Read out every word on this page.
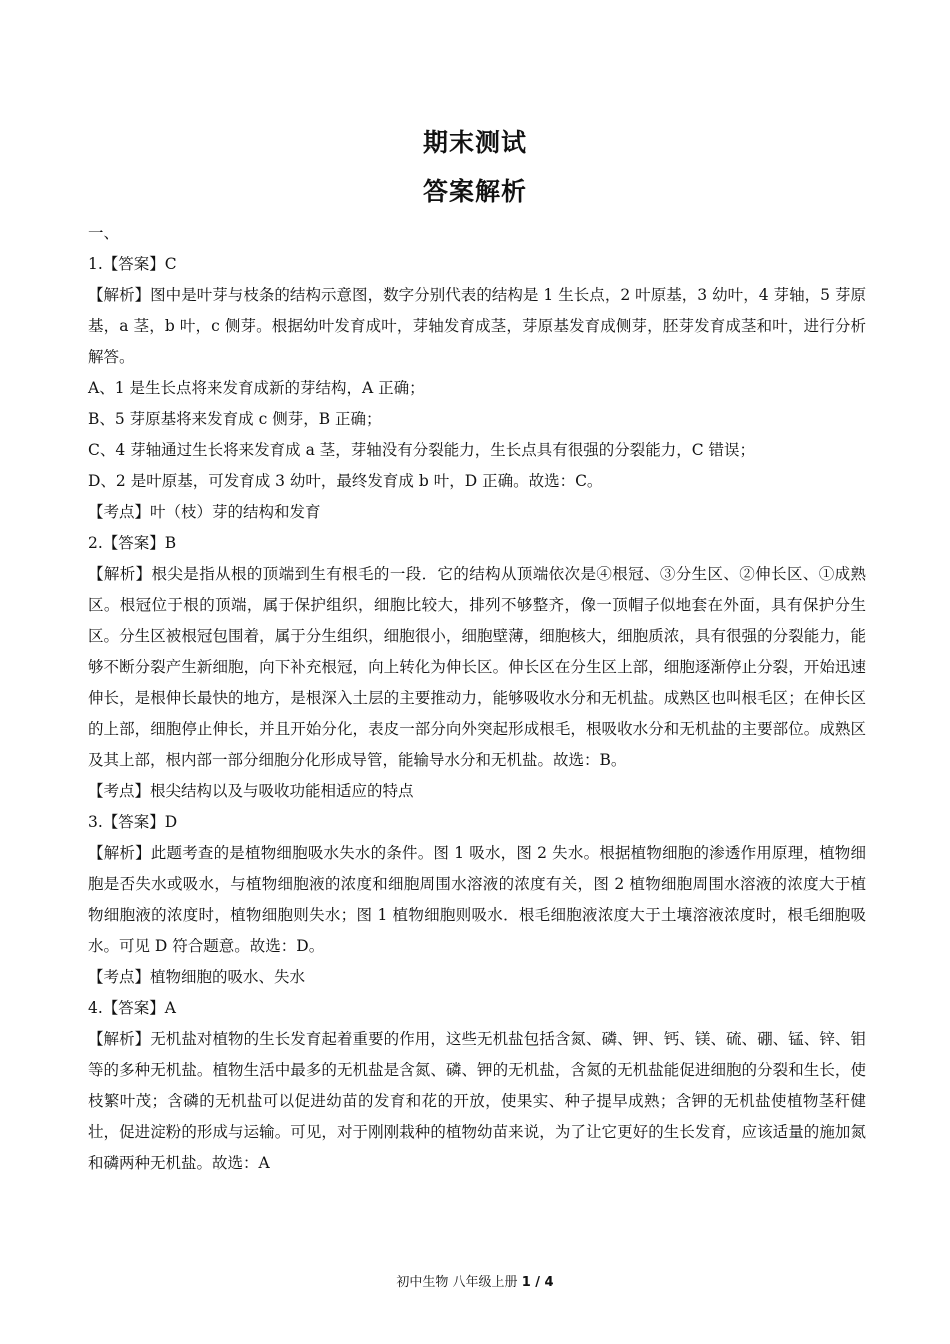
期末测试
答案解析
一、
1.【答案】C
【解析】图中是叶芽与枝条的结构示意图，数字分别代表的结构是 1 生长点，2 叶原基，3 幼叶，4 芽轴，5 芽原基，a 茎，b 叶，c 侧芽。根据幼叶发育成叶，芽轴发育成茎，芽原基发育成侧芽，胚芽发育成茎和叶，进行分析解答。
A、1 是生长点将来发育成新的芽结构，A 正确；
B、5 芽原基将来发育成 c 侧芽，B 正确；
C、4 芽轴通过生长将来发育成 a 茎，芽轴没有分裂能力，生长点具有很强的分裂能力，C 错误；
D、2 是叶原基，可发育成 3 幼叶，最终发育成 b 叶，D 正确。故选：C。
【考点】叶（枝）芽的结构和发育
2.【答案】B
【解析】根尖是指从根的顶端到生有根毛的一段．它的结构从顶端依次是④根冠、③分生区、②伸长区、①成熟区。根冠位于根的顶端，属于保护组织，细胞比较大，排列不够整齐，像一顶帽子似地套在外面，具有保护分生区。分生区被根冠包围着，属于分生组织，细胞很小，细胞壁薄，细胞核大，细胞质浓，具有很强的分裂能力，能够不断分裂产生新细胞，向下补充根冠，向上转化为伸长区。伸长区在分生区上部，细胞逐渐停止分裂，开始迅速伸长，是根伸长最快的地方，是根深入土层的主要推动力，能够吸收水分和无机盐。成熟区也叫根毛区；在伸长区的上部，细胞停止伸长，并且开始分化，表皮一部分向外突起形成根毛，根吸收水分和无机盐的主要部位。成熟区及其上部，根内部一部分细胞分化形成导管，能输导水分和无机盐。故选：B。
【考点】根尖结构以及与吸收功能相适应的特点
3.【答案】D
【解析】此题考查的是植物细胞吸水失水的条件。图 1 吸水，图 2 失水。根据植物细胞的渗透作用原理，植物细胞是否失水或吸水，与植物细胞液的浓度和细胞周围水溶液的浓度有关，图 2 植物细胞周围水溶液的浓度大于植物细胞液的浓度时，植物细胞则失水；图 1 植物细胞则吸水．根毛细胞液浓度大于土壤溶液浓度时，根毛细胞吸水。可见 D 符合题意。故选：D。
【考点】植物细胞的吸水、失水
4.【答案】A
【解析】无机盐对植物的生长发育起着重要的作用，这些无机盐包括含氮、磷、钾、钙、镁、硫、硼、锰、锌、钼等的多种无机盐。植物生活中最多的无机盐是含氮、磷、钾的无机盐，含氮的无机盐能促进细胞的分裂和生长，使枝繁叶茂；含磷的无机盐可以促进幼苗的发育和花的开放，使果实、种子提早成熟；含钾的无机盐使植物茎秆健壮，促进淀粉的形成与运输。可见，对于刚刚栽种的植物幼苗来说，为了让它更好的生长发育，应该适量的施加氮和磷两种无机盐。故选：A
初中生物 八年级上册 1 / 4
